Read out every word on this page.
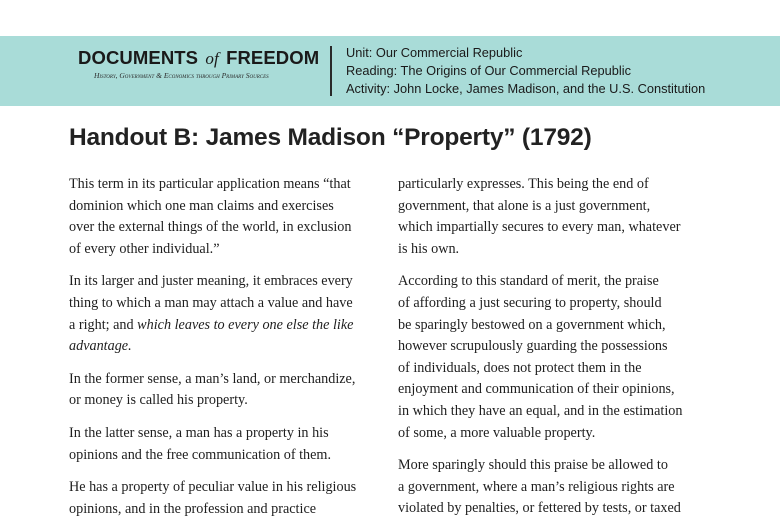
DOCUMENTS of FREEDOM
History, Government & Economics through Primary Sources
Unit: Our Commercial Republic
Reading: The Origins of Our Commercial Republic
Activity: John Locke, James Madison, and the U.S. Constitution
Handout B: James Madison “Property” (1792)

This term in its particular application means “that
dominion which one man claims and exercises
over the external things of the world, in exclusion
of every other individual.”

In its larger and juster meaning, it embraces every
thing to which a man may attach a value and have
a right; and which leaves to every one else the like
advantage.

In the former sense, a man’s land, or merchandize,
or money is called his property.

In the latter sense, a man has a property in his
opinions and the free communication of them.

He has a property of peculiar value in his religious
opinions, and in the profession and practice

particularly expresses. This being the end of
government, that alone is a just government,
which impartially secures to every man, whatever
is his own.

According to this standard of merit, the praise
of affording a just securing to property, should
be sparingly bestowed on a government which,
however scrupulously guarding the possessions
of individuals, does not protect them in the
enjoyment and communication of their opinions,
in which they have an equal, and in the estimation
of some, a more valuable property.

More sparingly should this praise be allowed to
a government, where a man’s religious rights are
violated by penalties, or fettered by tests, or taxed
